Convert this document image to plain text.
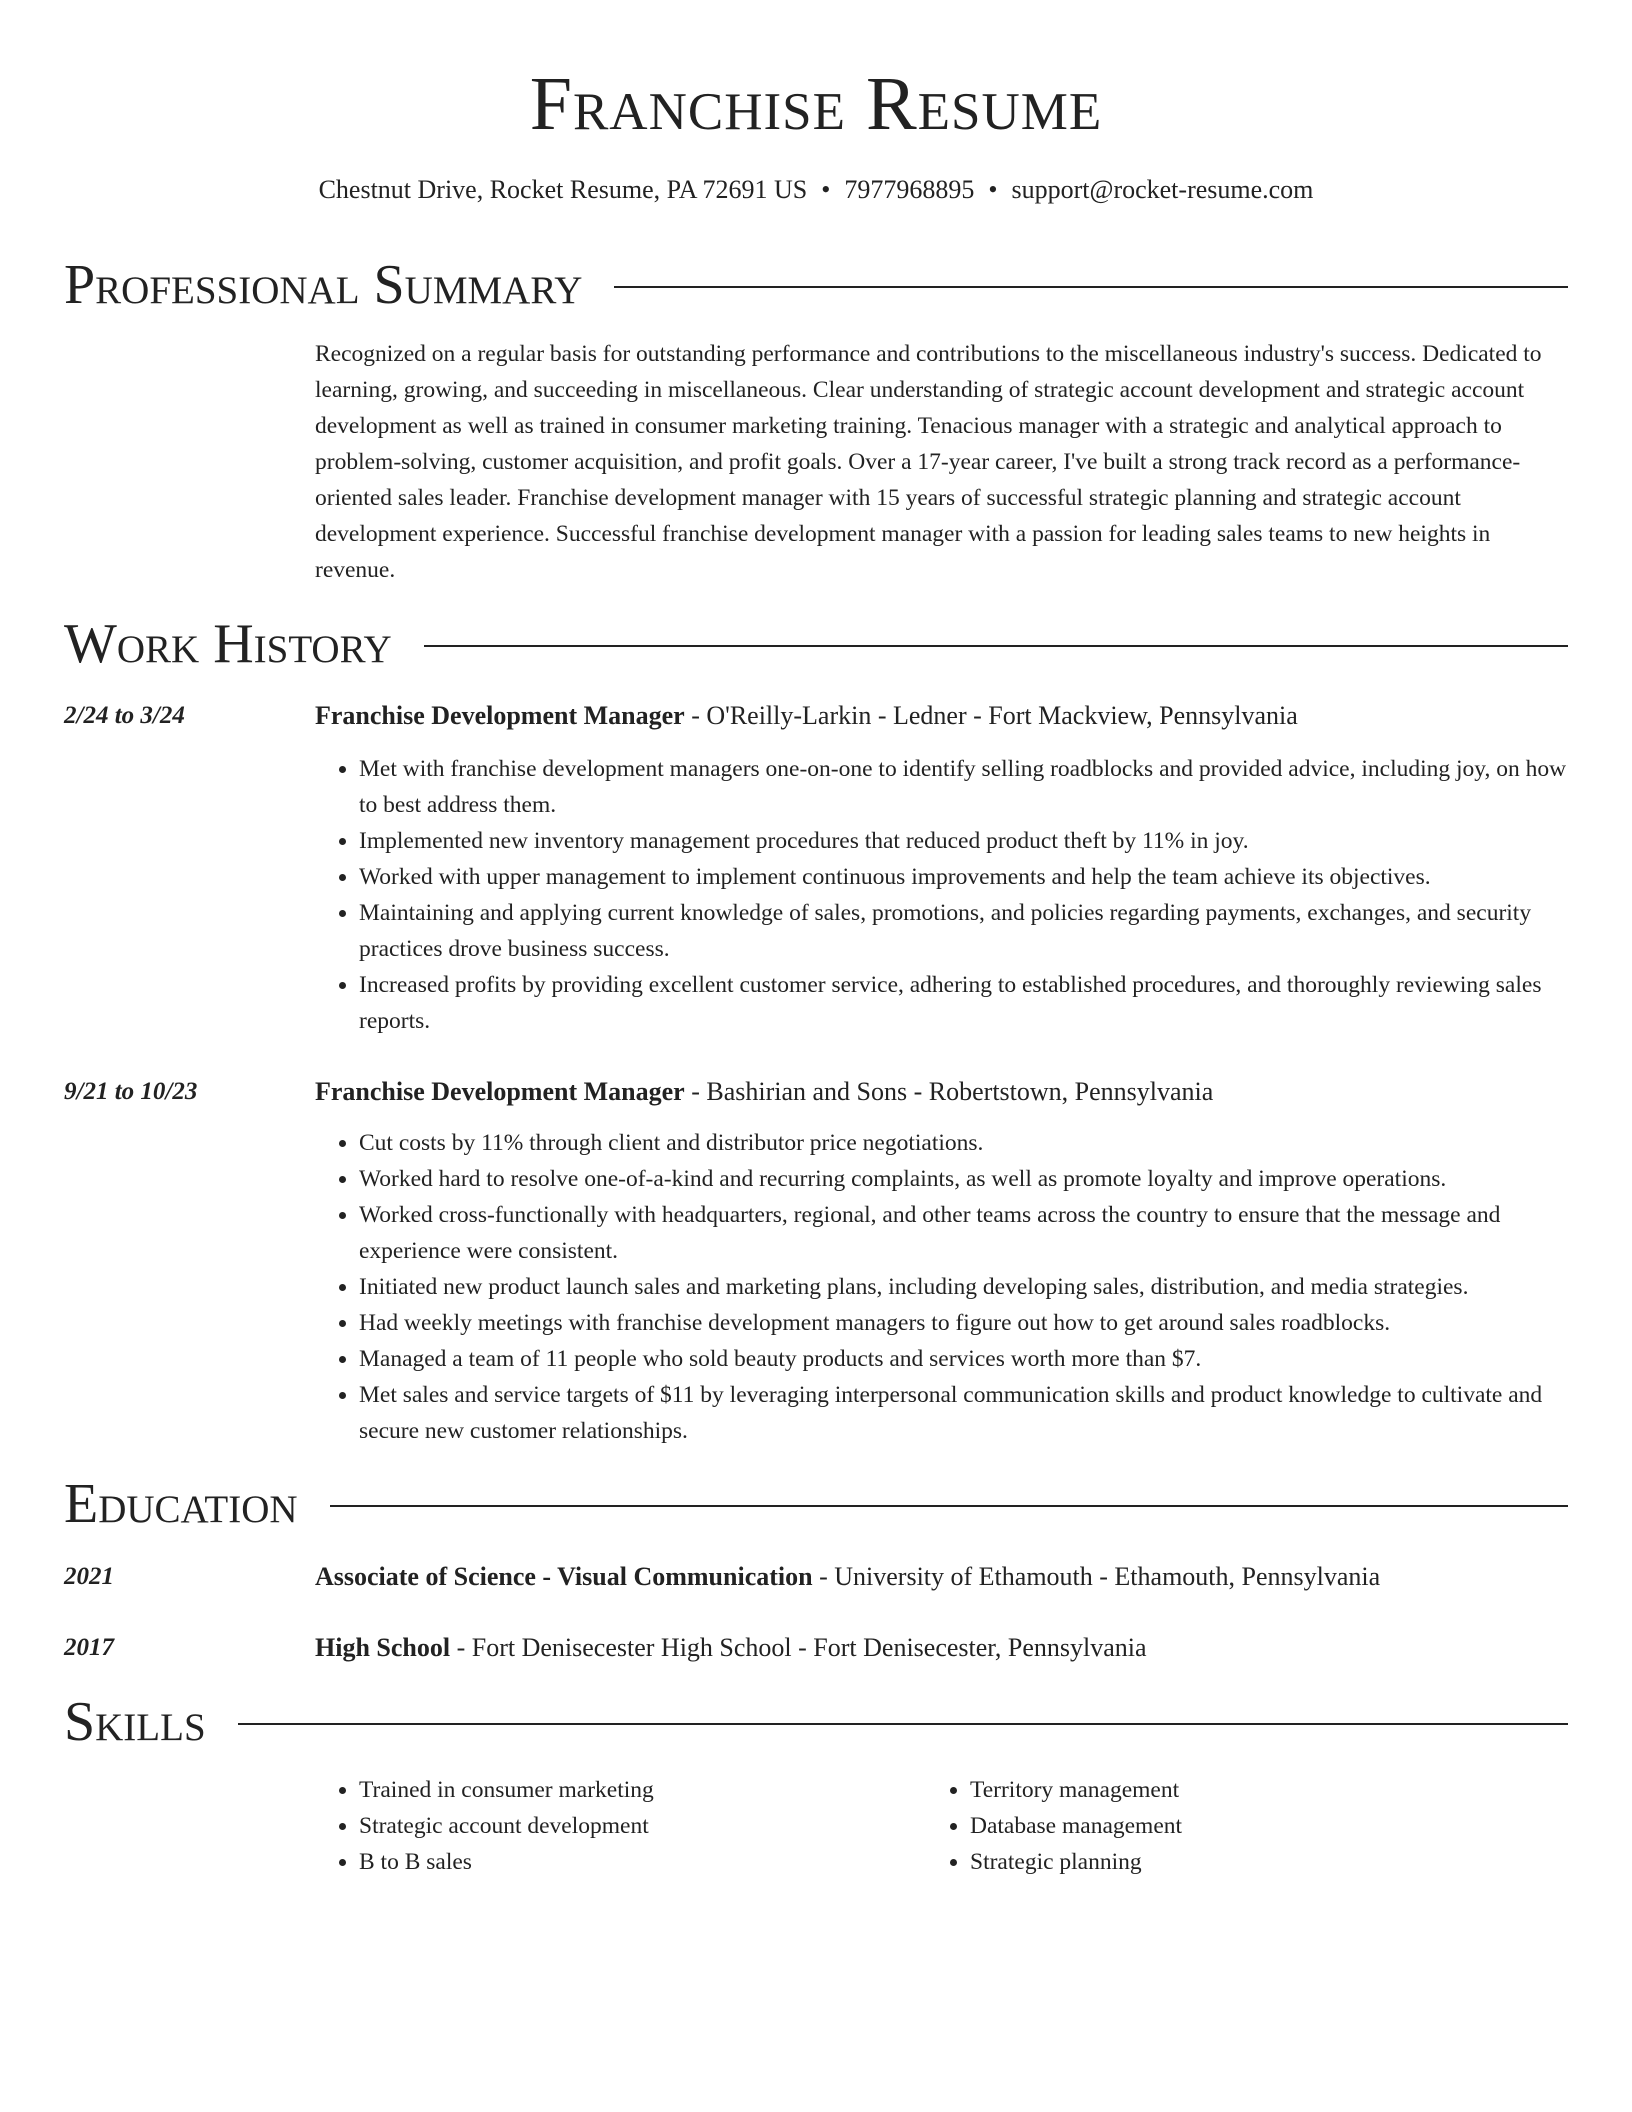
Franchise Resume
Chestnut Drive, Rocket Resume, PA 72691 US • 7977968895 • support@rocket-resume.com
Professional Summary
Recognized on a regular basis for outstanding performance and contributions to the miscellaneous industry's success. Dedicated to learning, growing, and succeeding in miscellaneous. Clear understanding of strategic account development and strategic account development as well as trained in consumer marketing training. Tenacious manager with a strategic and analytical approach to problem-solving, customer acquisition, and profit goals. Over a 17-year career, I've built a strong track record as a performance-oriented sales leader. Franchise development manager with 15 years of successful strategic planning and strategic account development experience. Successful franchise development manager with a passion for leading sales teams to new heights in revenue.
Work History
2/24 to 3/24	Franchise Development Manager - O'Reilly-Larkin - Ledner - Fort Mackview, Pennsylvania
• Met with franchise development managers one-on-one to identify selling roadblocks and provided advice, including joy, on how to best address them.
• Implemented new inventory management procedures that reduced product theft by 11% in joy.
• Worked with upper management to implement continuous improvements and help the team achieve its objectives.
• Maintaining and applying current knowledge of sales, promotions, and policies regarding payments, exchanges, and security practices drove business success.
• Increased profits by providing excellent customer service, adhering to established procedures, and thoroughly reviewing sales reports.
9/21 to 10/23	Franchise Development Manager - Bashirian and Sons - Robertstown, Pennsylvania
• Cut costs by 11% through client and distributor price negotiations.
• Worked hard to resolve one-of-a-kind and recurring complaints, as well as promote loyalty and improve operations.
• Worked cross-functionally with headquarters, regional, and other teams across the country to ensure that the message and experience were consistent.
• Initiated new product launch sales and marketing plans, including developing sales, distribution, and media strategies.
• Had weekly meetings with franchise development managers to figure out how to get around sales roadblocks.
• Managed a team of 11 people who sold beauty products and services worth more than $7.
• Met sales and service targets of $11 by leveraging interpersonal communication skills and product knowledge to cultivate and secure new customer relationships.
Education
2021	Associate of Science - Visual Communication - University of Ethamouth - Ethamouth, Pennsylvania
2017	High School - Fort Denisecester High School - Fort Denisecester, Pennsylvania
Skills
• Trained in consumer marketing
• Strategic account development
• B to B sales
• Territory management
• Database management
• Strategic planning
